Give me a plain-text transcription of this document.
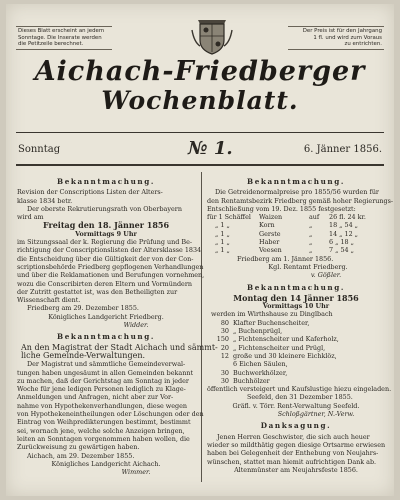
Dieses Blatt erscheint an jedem
Sonntage. Die Inserate werden
die Petitzeile berechnet.
Der Preis ist für den Jahrgang
1 fl. und wird zum Voraus
zu entrichten.
Aichach-Friedberger
Wochenblatt.
Sonntag	№ 1.	6. Jänner 1856.
Bekanntmachung.
Revision der Conscriptions Listen der Alters-
klasse 1834 betr.
Der oberste Rekrutierungsrath von Oberbayern
wird am

Freitag den 18. Jänner 1856

Vormittags 9 Uhr

im Sitzungssaal der k. Regierung die Prüfung und Be-
richtigung der Conscriptionslisten der Altersklasse 1834
die Entscheidung über die Gültigkeit der von der Con-
scriptionsbehörde Friedberg gepflogenen Verhandlungen
und über die Reklamationen und Berufungen vornehmen,
wozu die Conscribirten deren Eltern und Vormündern
der Zutritt gestattet ist, was den Betheiligten zur
Wissenschaft dient.
Friedberg am 29. Dezember 1855.

Königliches Landgericht Friedberg.

Widder.

Bekanntmachung.
An den Magistrat der Stadt Aichach und sämmt-
liche Gemeinde-Verwaltungen.
Der Magistrat und sämmtliche Gemeindeverwal-
tungen haben ungesäumt in allen Gemeinden bekannt
zu machen, daß der Gerichtstag am Sonntag in jeder
Woche für jene ledigen Personen lediglich zu Klage-
Anmeldungen und Anfragen, nicht aber zur Vor-
nahme von Hypothekenverhandlungen, diese wegen
von Hypothekeneintheilungen oder Löschungen oder den
Eintrag von Weihpredikterungen bestimmt, bestimmt
sei, wornach jene, welche solche Anzeigen bringen,
leiten an Sonntagen vorgenommen haben wollen, die
Zurückweisung zu gewärtigen haben.
Aichach, am 29. Dezember 1855.

Königliches Landgericht Aichach.

Wimmer.

Bekanntmachung.
Die Getreidenormalpreise pro 1855/56 wurden für
den Rentamtsbezirk Friedberg gemäß hoher Regierungs-
Entschließung vom 19. Dez. 1855 festgesetzt:
für 1 Schäffel	Waizen	auf	26 fl. 24 kr.
„ 1 „	Korn	„	18 „ 54 „
„ 1 „	Gerste	„	14 „ 12 „
„ 1 „	Haber	„	6 „ 18 „
„ 1 „	Veesen	„	7 „ 54 „
Friedberg am 1. Jänner 1856.

Kgl. Rentamt Friedberg.

v. Gößler.

Bekanntmachung.

Montag den 14 Jänner 1856

Vormittags 10 Uhr

werden im Wirthshause zu Dinglbach
80 Klafter Buchenscheiter,
30 „ Buchenprügl,
150 „ Fichtenscheiter und Kaferholz,
20 „ Fichtenscheiter und Prügl,
12 große und 30 kleinere Eichklöz,
6 Eichen Säulen,
30 Buchwerkhölzer,
30 Buchhölzer
öffentlich versteigert und Kaufslustige hiezu eingeladen.
Seefeld, den 31 Dezember 1855.

Gräfl. v. Törr. Rent-Verwaltung Seefeld.

Schloßgärtner, N.-Verw.

Danksagung.
Jenen Herren Geschwister, die sich auch heuer
wieder so mildthätig gegen diesige Ortsarme erwiesen
haben bei Gelegenheit der Enthebung von Neujahrs-
wünschen, stattet man hiemit aufrichtigen Dank ab.

Altenmünster am Neujahrsfeste 1856.
